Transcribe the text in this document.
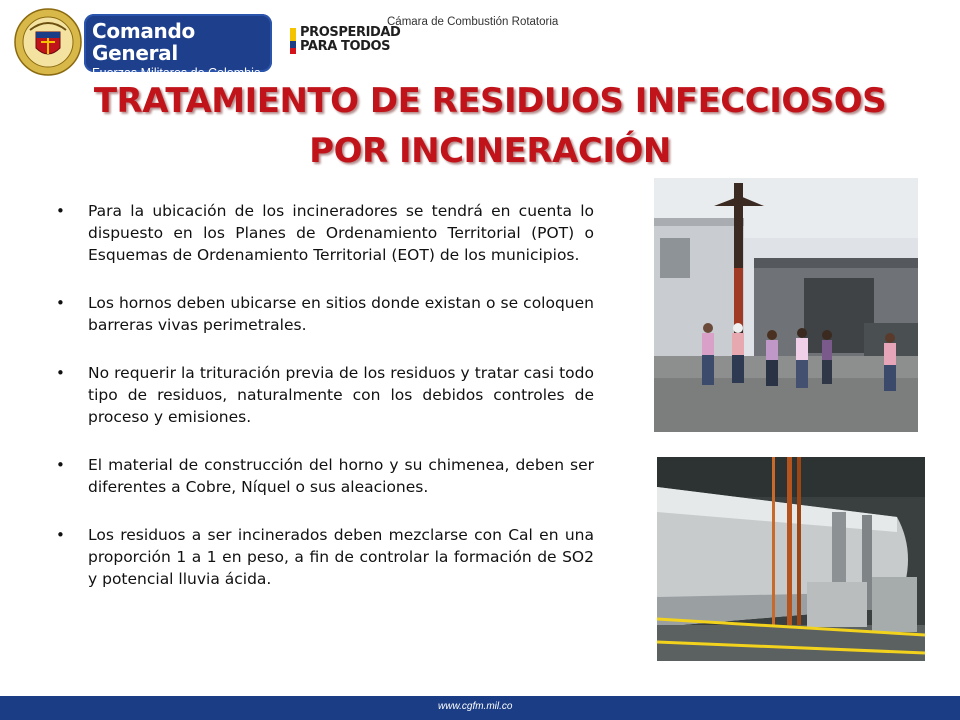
Comando General
Fuerzas Militares de Colombia
PROSPERIDAD
PARA TODOS
Cámara de Combustión Rotatoria
TRATAMIENTO DE RESIDUOS INFECCIOSOS
POR INCINERACIÓN
• Para la ubicación de los incineradores se tendrá en cuenta lo dispuesto en los Planes de Ordenamiento Territorial (POT) o Esquemas de Ordenamiento Territorial (EOT) de los municipios.
• Los hornos deben ubicarse en sitios donde existan o se coloquen barreras vivas perimetrales.
• No requerir la trituración previa de los residuos y tratar casi todo tipo de residuos, naturalmente con los debidos controles de proceso y emisiones.
• El material de construcción del horno y su chimenea, deben ser diferentes a Cobre, Níquel o sus aleaciones.
• Los residuos a ser incinerados deben mezclarse con Cal en una proporción 1 a 1 en peso, a fin de controlar la formación de SO2 y potencial lluvia ácida.
www.cgfm.mil.co
